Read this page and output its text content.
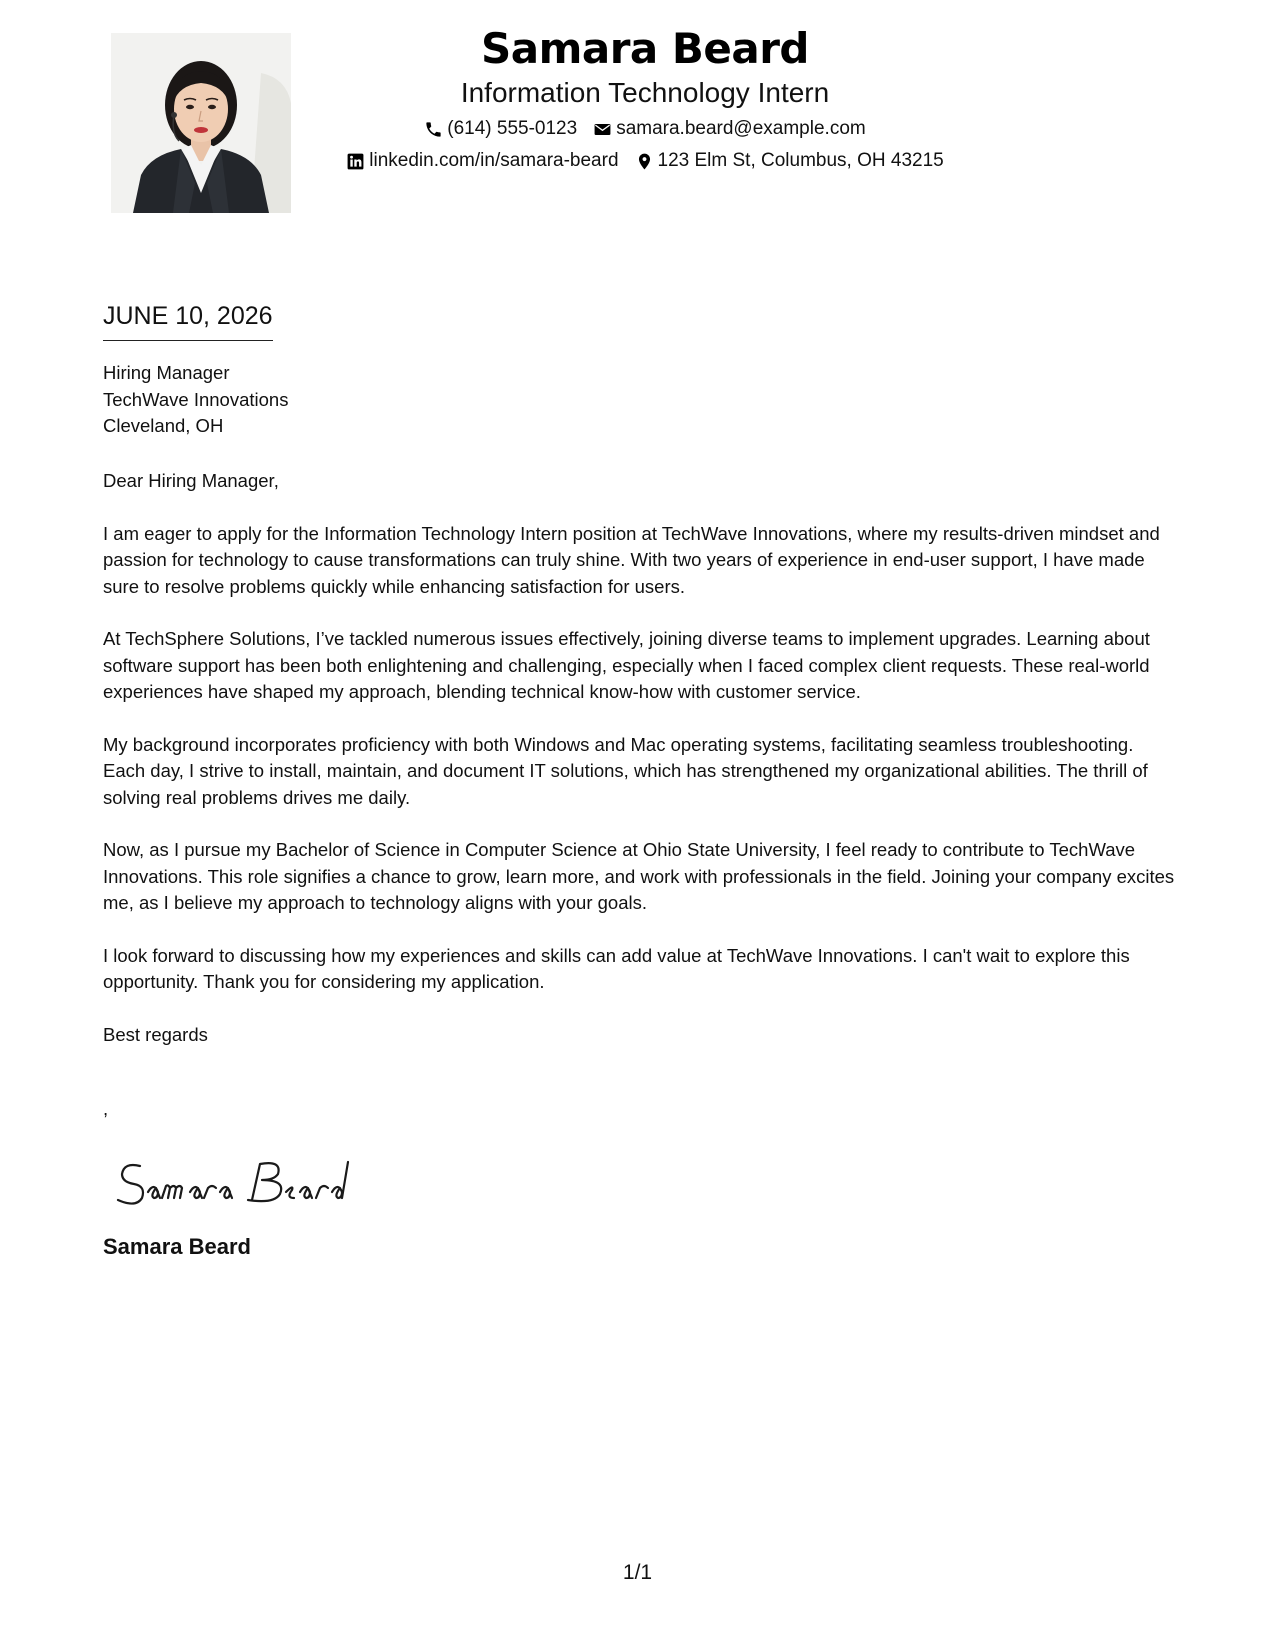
Samara Beard
Information Technology Intern
(614) 555-0123 samara.beard@example.com
linkedin.com/in/samara-beard 123 Elm St, Columbus, OH 43215
JUNE 10, 2026
Hiring Manager
TechWave Innovations
Cleveland, OH

Dear Hiring Manager,

I am eager to apply for the Information Technology Intern position at TechWave Innovations, where my results-driven mindset and passion for technology to cause transformations can truly shine. With two years of experience in end-user support, I have made sure to resolve problems quickly while enhancing satisfaction for users.

At TechSphere Solutions, I’ve tackled numerous issues effectively, joining diverse teams to implement upgrades. Learning about software support has been both enlightening and challenging, especially when I faced complex client requests. These real-world experiences have shaped my approach, blending technical know-how with customer service.

My background incorporates proficiency with both Windows and Mac operating systems, facilitating seamless troubleshooting. Each day, I strive to install, maintain, and document IT solutions, which has strengthened my organizational abilities. The thrill of solving real problems drives me daily.

Now, as I pursue my Bachelor of Science in Computer Science at Ohio State University, I feel ready to contribute to TechWave Innovations. This role signifies a chance to grow, learn more, and work with professionals in the field. Joining your company excites me, as I believe my approach to technology aligns with your goals.

I look forward to discussing how my experiences and skills can add value at TechWave Innovations. I can't wait to explore this opportunity. Thank you for considering my application.

Best regards
,
Samara Beard
1/1
